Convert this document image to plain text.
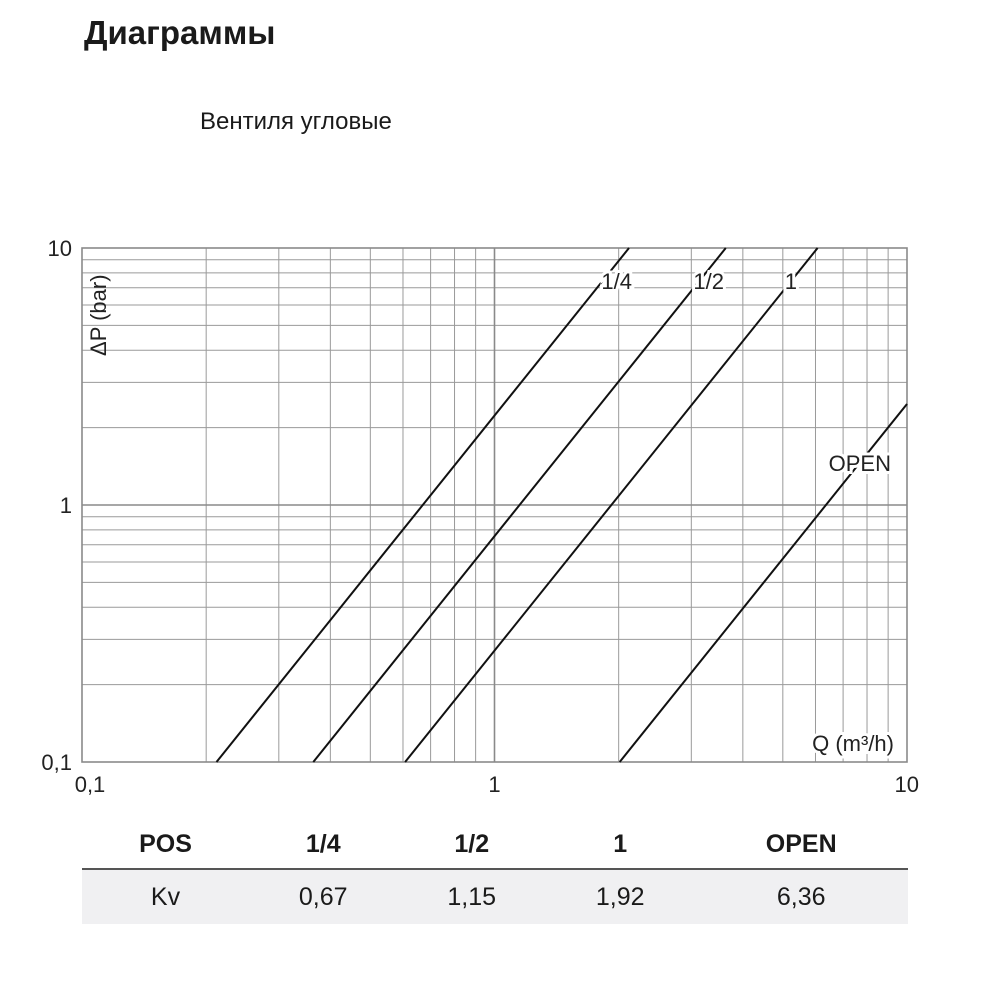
Диаграммы
Вентиля угловые
1/4	1/2	1
OPEN
10
1
0,1
0,1	1	10
ΔP (bar)
Q (m³/h)
POS	1/4	1/2	1	OPEN
Kv	0,67	1,15	1,92	6,36
